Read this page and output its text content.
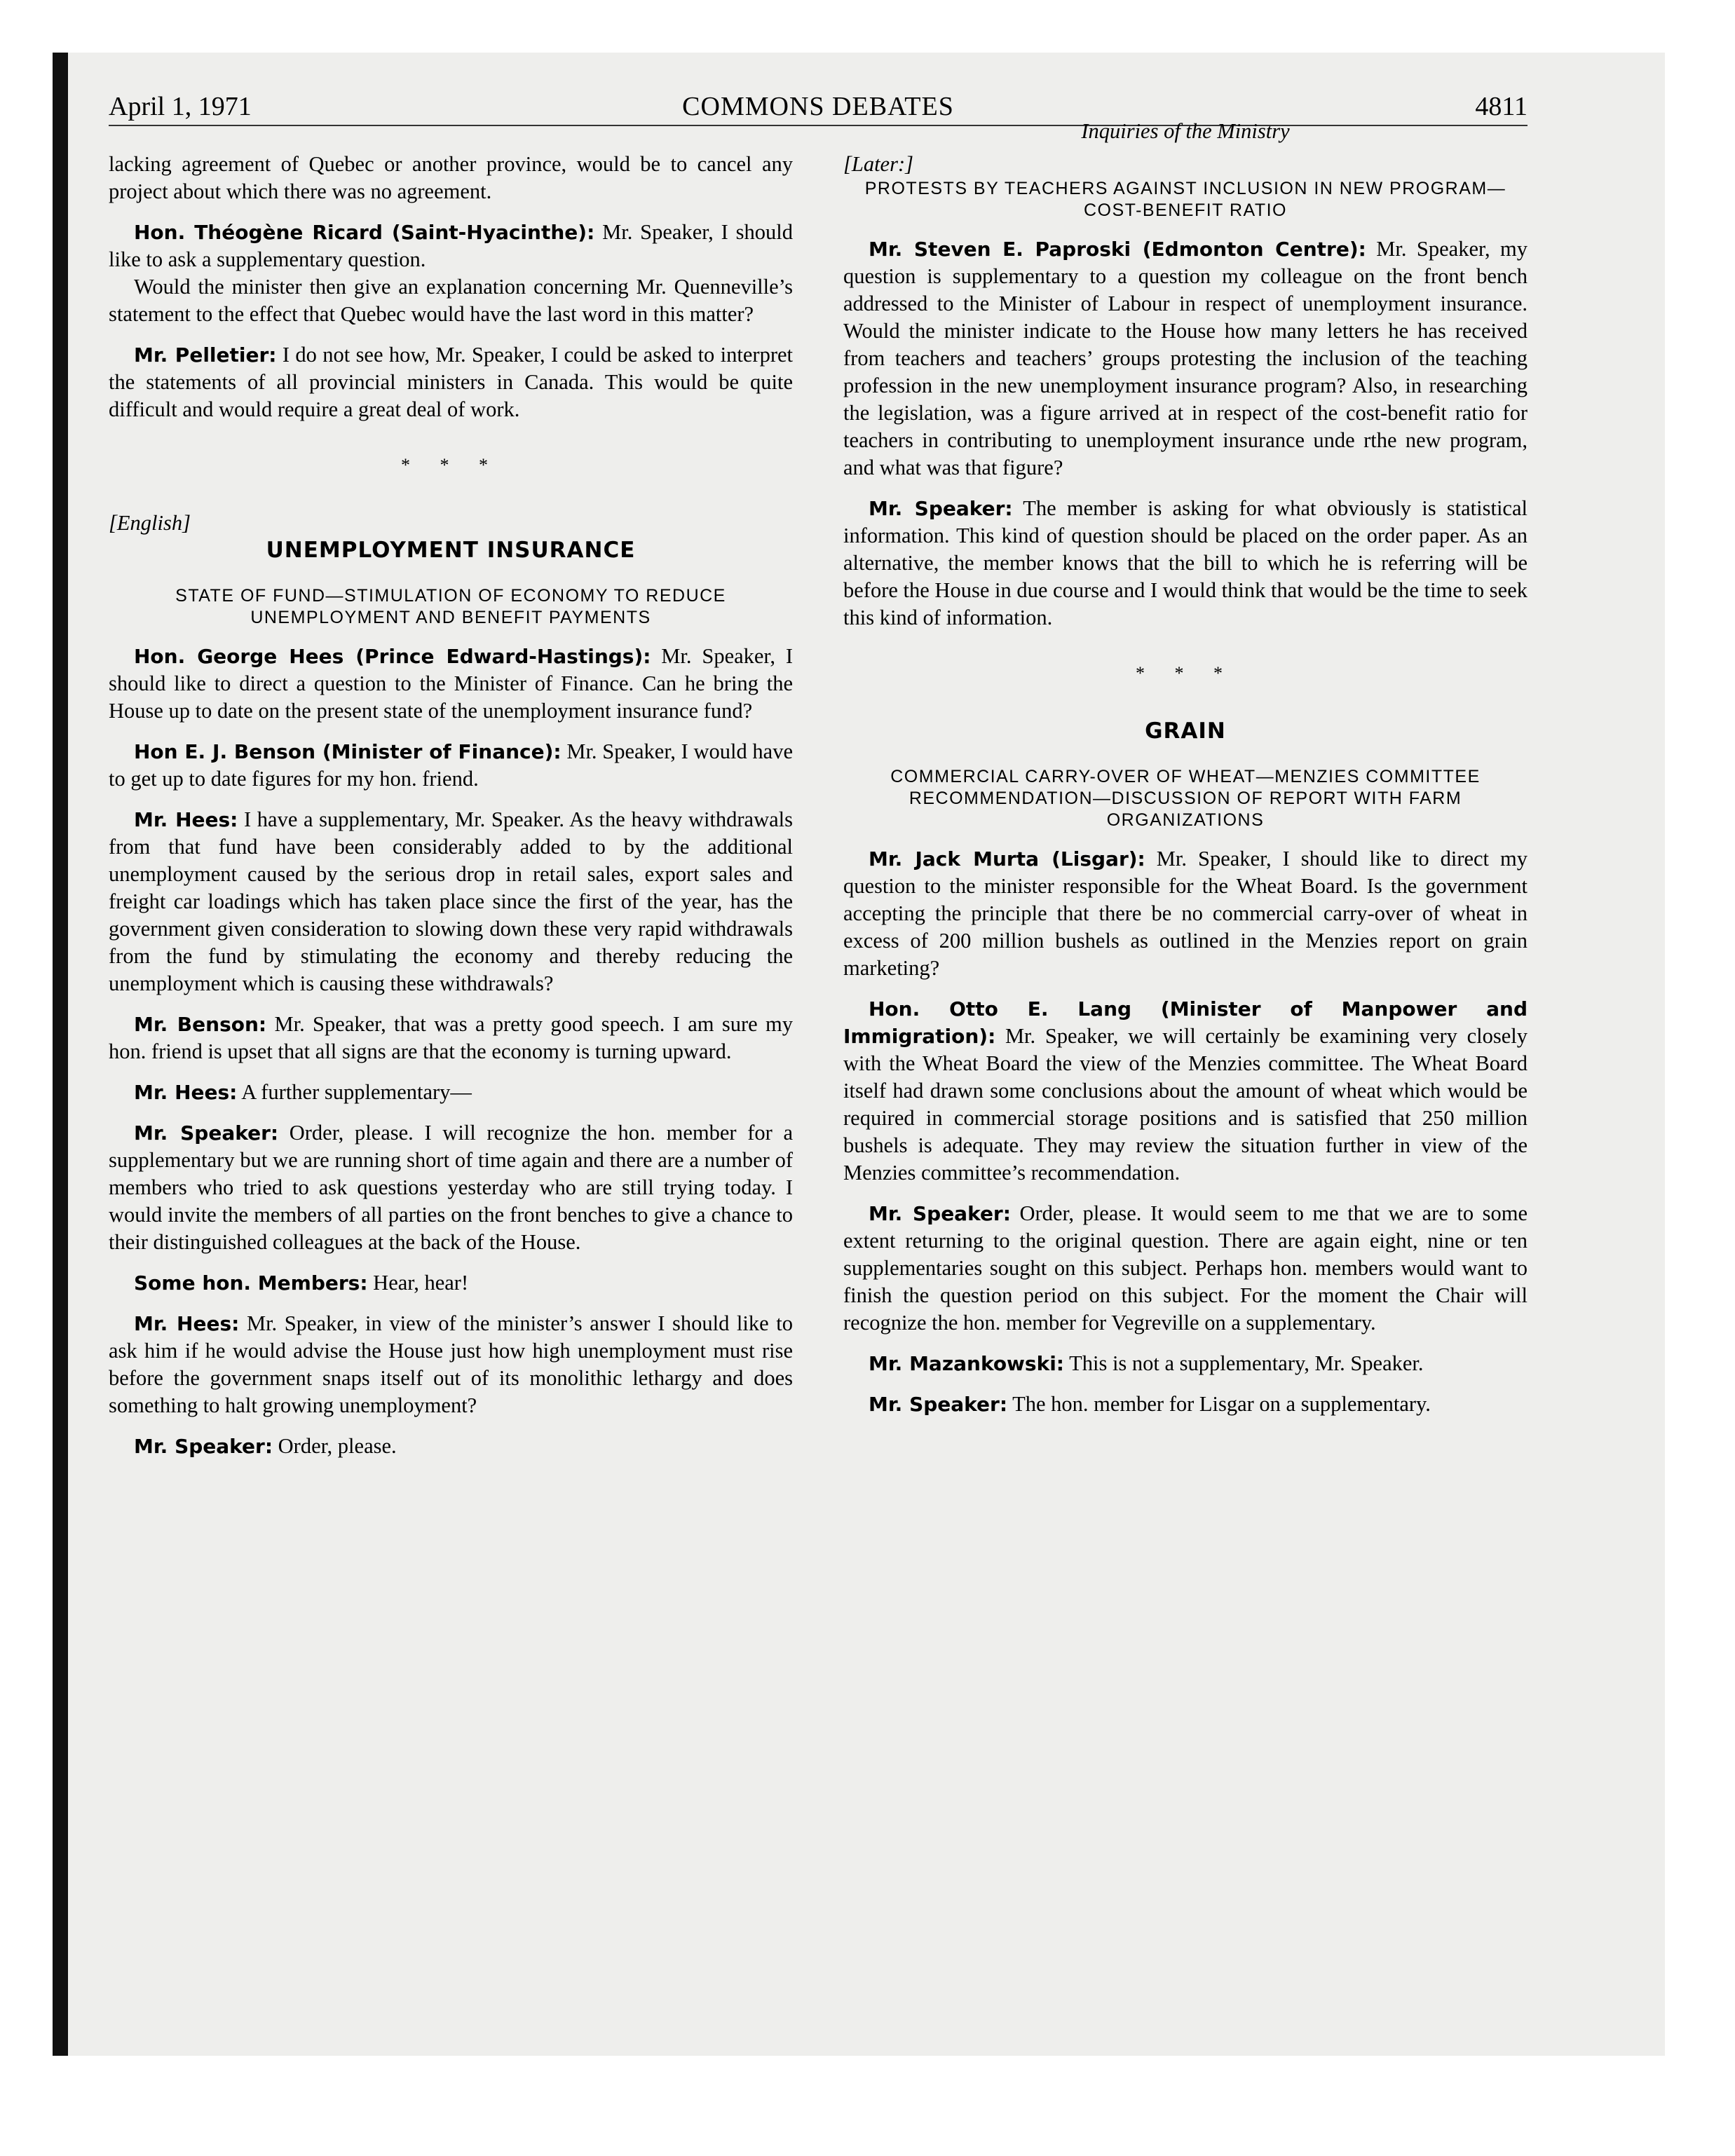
COMMONS DEBATES
April 1, 1971	4811
Inquiries of the Ministry

lacking agreement of Quebec or another province, would be to cancel any project about which there was no agreement.

Hon. Théogène Ricard (Saint-Hyacinthe): Mr. Speaker, I should like to ask a supplementary question.

Would the minister then give an explanation concerning Mr. Quenneville’s statement to the effect that Quebec would have the last word in this matter?

Mr. Pelletier: I do not see how, Mr. Speaker, I could be asked to interpret the statements of all provincial ministers in Canada. This would be quite difficult and would require a great deal of work.

* * *
[English]
UNEMPLOYMENT INSURANCE
STATE OF FUND—STIMULATION OF ECONOMY TO REDUCE UNEMPLOYMENT AND BENEFIT PAYMENTS

Hon. George Hees (Prince Edward-Hastings): Mr. Speaker, I should like to direct a question to the Minister of Finance. Can he bring the House up to date on the present state of the unemployment insurance fund?

Hon E. J. Benson (Minister of Finance): Mr. Speaker, I would have to get up to date figures for my hon. friend.

Mr. Hees: I have a supplementary, Mr. Speaker. As the heavy withdrawals from that fund have been considerably added to by the additional unemployment caused by the serious drop in retail sales, export sales and freight car loadings which has taken place since the first of the year, has the government given consideration to slowing down these very rapid withdrawals from the fund by stimulating the economy and thereby reducing the unemployment which is causing these withdrawals?

Mr. Benson: Mr. Speaker, that was a pretty good speech. I am sure my hon. friend is upset that all signs are that the economy is turning upward.

Mr. Hees: A further supplementary—

Mr. Speaker: Order, please. I will recognize the hon. member for a supplementary but we are running short of time again and there are a number of members who tried to ask questions yesterday who are still trying today. I would invite the members of all parties on the front benches to give a chance to their distinguished colleagues at the back of the House.

Some hon. Members: Hear, hear!

Mr. Hees: Mr. Speaker, in view of the minister’s answer I should like to ask him if he would advise the House just how high unemployment must rise before the government snaps itself out of its monolithic lethargy and does something to halt growing unemployment?

Mr. Speaker: Order, please.

[Later:]
PROTESTS BY TEACHERS AGAINST INCLUSION IN NEW PROGRAM—COST-BENEFIT RATIO

Mr. Steven E. Paproski (Edmonton Centre): Mr. Speaker, my question is supplementary to a question my colleague on the front bench addressed to the Minister of Labour in respect of unemployment insurance. Would the minister indicate to the House how many letters he has received from teachers and teachers’ groups protesting the inclusion of the teaching profession in the new unemployment insurance program? Also, in researching the legislation, was a figure arrived at in respect of the cost-benefit ratio for teachers in contributing to unemployment insurance unde rthe new program, and what was that figure?

Mr. Speaker: The member is asking for what obviously is statistical information. This kind of question should be placed on the order paper. As an alternative, the member knows that the bill to which he is referring will be before the House in due course and I would think that would be the time to seek this kind of information.

* * *
GRAIN
COMMERCIAL CARRY-OVER OF WHEAT—MENZIES COMMITTEE RECOMMENDATION—DISCUSSION OF REPORT WITH FARM ORGANIZATIONS

Mr. Jack Murta (Lisgar): Mr. Speaker, I should like to direct my question to the minister responsible for the Wheat Board. Is the government accepting the principle that there be no commercial carry-over of wheat in excess of 200 million bushels as outlined in the Menzies report on grain marketing?

Hon. Otto E. Lang (Minister of Manpower and Immigration): Mr. Speaker, we will certainly be examining very closely with the Wheat Board the view of the Menzies committee. The Wheat Board itself had drawn some conclusions about the amount of wheat which would be required in commercial storage positions and is satisfied that 250 million bushels is adequate. They may review the situation further in view of the Menzies committee’s recommendation.

Mr. Speaker: Order, please. It would seem to me that we are to some extent returning to the original question. There are again eight, nine or ten supplementaries sought on this subject. Perhaps hon. members would want to finish the question period on this subject. For the moment the Chair will recognize the hon. member for Vegreville on a supplementary.

Mr. Mazankowski: This is not a supplementary, Mr. Speaker.

Mr. Speaker: The hon. member for Lisgar on a supplementary.
